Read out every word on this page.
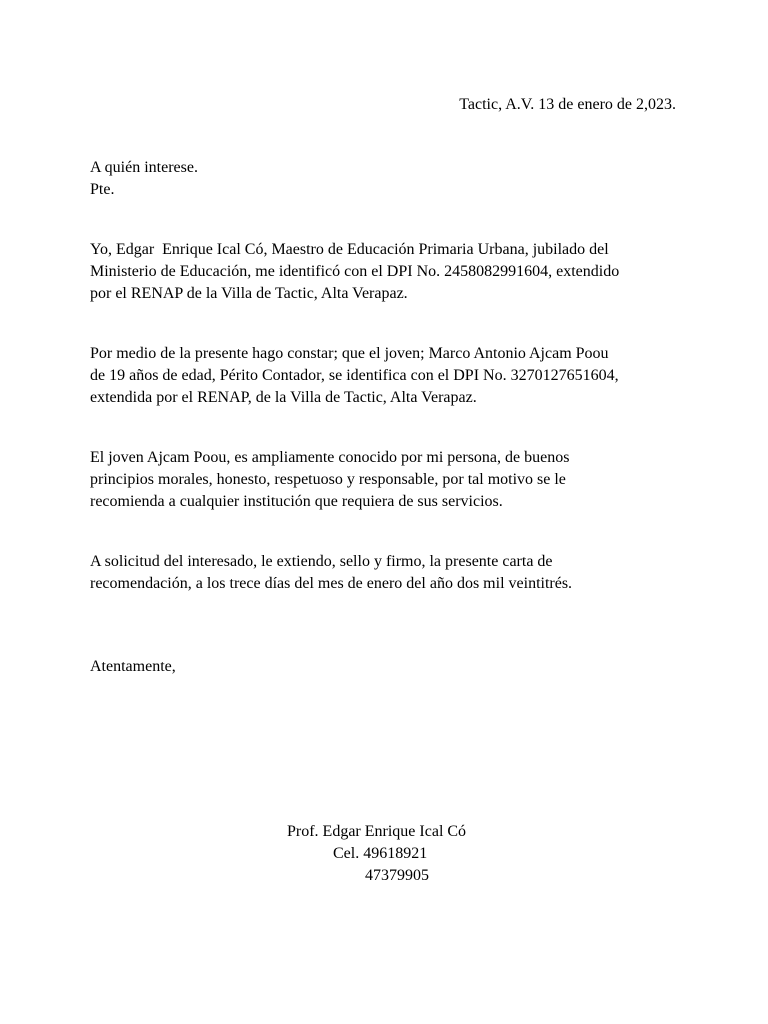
Tactic, A.V. 13 de enero de 2,023.
A quién interese.
Pte.
Yo, Edgar  Enrique Ical Có, Maestro de Educación Primaria Urbana, jubilado del
Ministerio de Educación, me identificó con el DPI No. 2458082991604, extendido
por el RENAP de la Villa de Tactic, Alta Verapaz.
Por medio de la presente hago constar; que el joven; Marco Antonio Ajcam Poou
de 19 años de edad, Périto Contador, se identifica con el DPI No. 3270127651604,
extendida por el RENAP, de la Villa de Tactic, Alta Verapaz.
El joven Ajcam Poou, es ampliamente conocido por mi persona, de buenos
principios morales, honesto, respetuoso y responsable, por tal motivo se le
recomienda a cualquier institución que requiera de sus servicios.
A solicitud del interesado, le extiendo, sello y firmo, la presente carta de
recomendación, a los trece días del mes de enero del año dos mil veintitrés.
Atentamente,
Prof. Edgar Enrique Ical Có
Cel. 49618921
47379905
